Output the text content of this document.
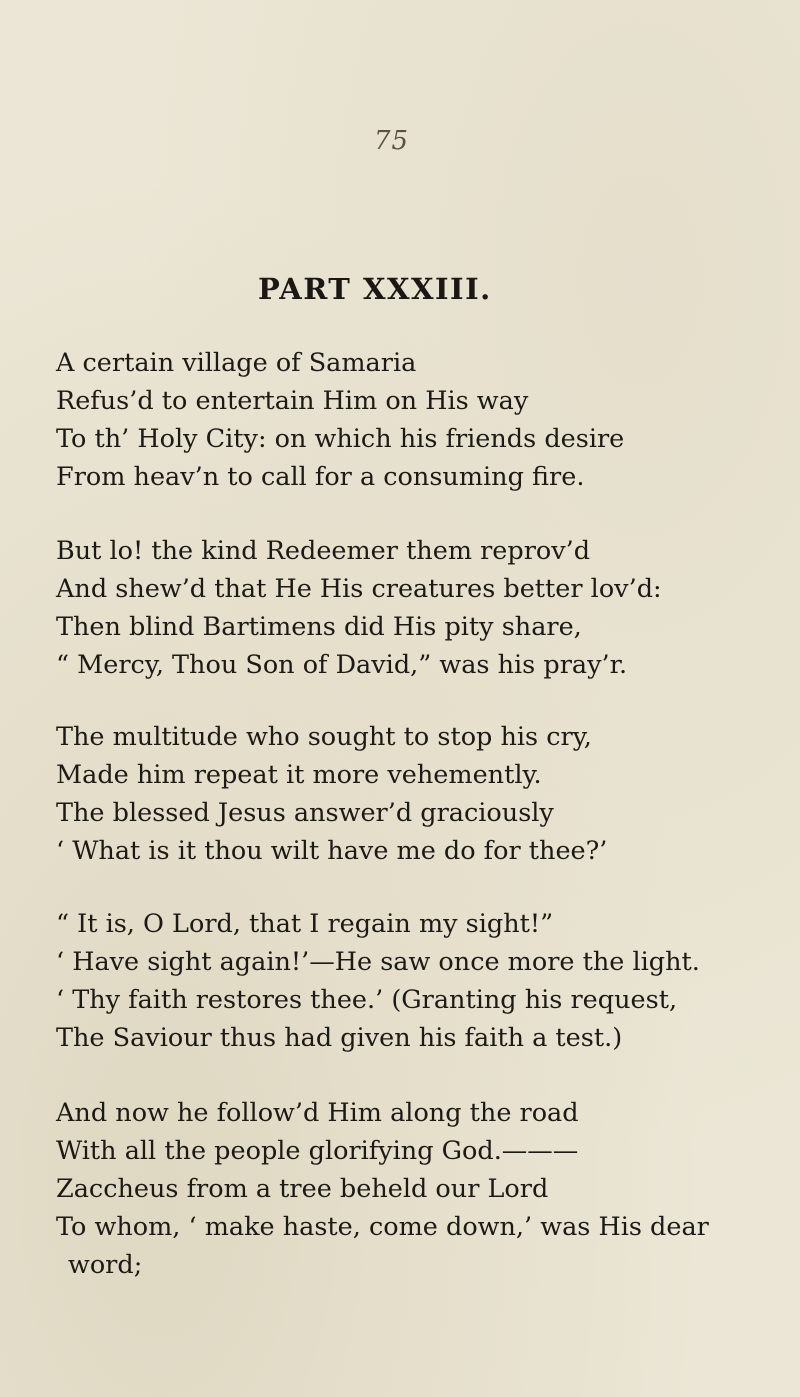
75
PART XXXIII.
A certain village of Samaria
Refus’d to entertain Him on His way
To th’ Holy City: on which his friends desire
From heav’n to call for a consuming fire.
But lo! the kind Redeemer them reprov’d
And shew’d that He His creatures better lov’d:
Then blind Bartimens did His pity share,
“ Mercy, Thou Son of David,” was his pray’r.
The multitude who sought to stop his cry,
Made him repeat it more vehemently.
The blessed Jesus answer’d graciously
‘ What is it thou wilt have me do for thee?’
“ It is, O Lord, that I regain my sight!”
‘ Have sight again!’—He saw once more the light.
‘ Thy faith restores thee.’ (Granting his request,
The Saviour thus had given his faith a test.)
And now he follow’d Him along the road
With all the people glorifying God.———
Zaccheus from a tree beheld our Lord
To whom, ‘ make haste, come down,’ was His dear
word;
